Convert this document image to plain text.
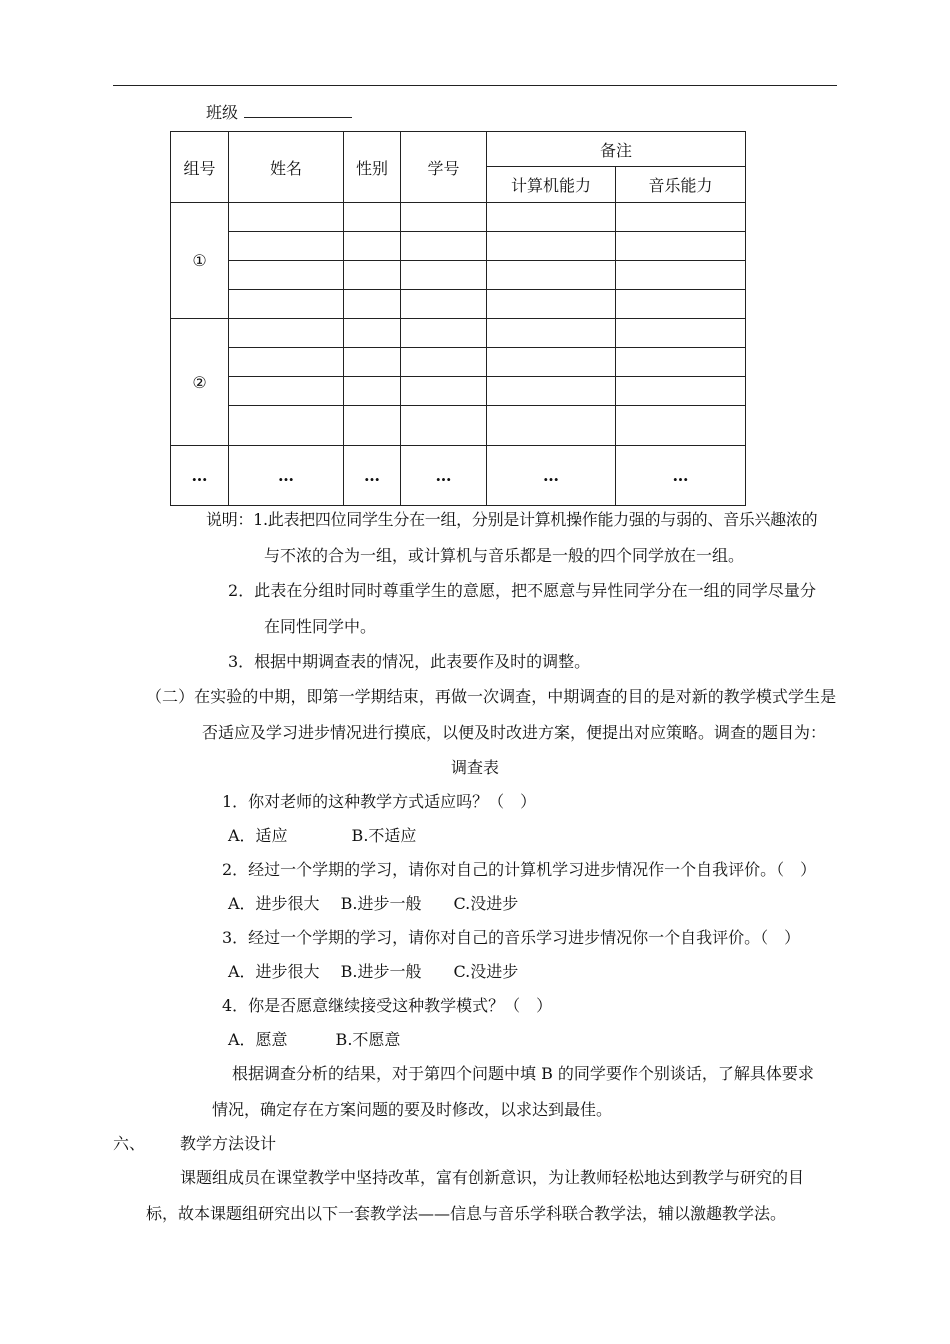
班级
组号	姓名	性别	学号	备注	
				计算机能力	音乐能力
①					

②					

…	…	…	…	…	…

说明：1.此表把四位同学生分在一组，分别是计算机操作能力强的与弱的、音乐兴趣浓的

与不浓的合为一组，或计算机与音乐都是一般的四个同学放在一组。

2．此表在分组时同时尊重学生的意愿，把不愿意与异性同学分在一组的同学尽量分

在同性同学中。

3．根据中期调查表的情况，此表要作及时的调整。

（二）在实验的中期，即第一学期结束，再做一次调查，中期调查的目的是对新的教学模式学生是

否适应及学习进步情况进行摸底，以便及时改进方案，便提出对应策略。调查的题目为：

调查表

1．你对老师的这种教学方式适应吗？（　）

A．适应　　　　B.不适应

2．经过一个学期的学习，请你对自己的计算机学习进步情况作一个自我评价。（　）

A．进步很大　 B.进步一般　　C.没进步

3．经过一个学期的学习，请你对自己的音乐学习进步情况你一个自我评价。（　）

A．进步很大　 B.进步一般　　C.没进步

4．你是否愿意继续接受这种教学模式？（　）

A．愿意　　　B.不愿意

根据调查分析的结果，对于第四个问题中填 B 的同学要作个别谈话，了解具体要求

情况，确定存在方案问题的要及时修改，以求达到最佳。

六、 教学方法设计

课题组成员在课堂教学中坚持改革，富有创新意识，为让教师轻松地达到教学与研究的目

标，故本课题组研究出以下一套教学法——信息与音乐学科联合教学法，辅以激趣教学法。
